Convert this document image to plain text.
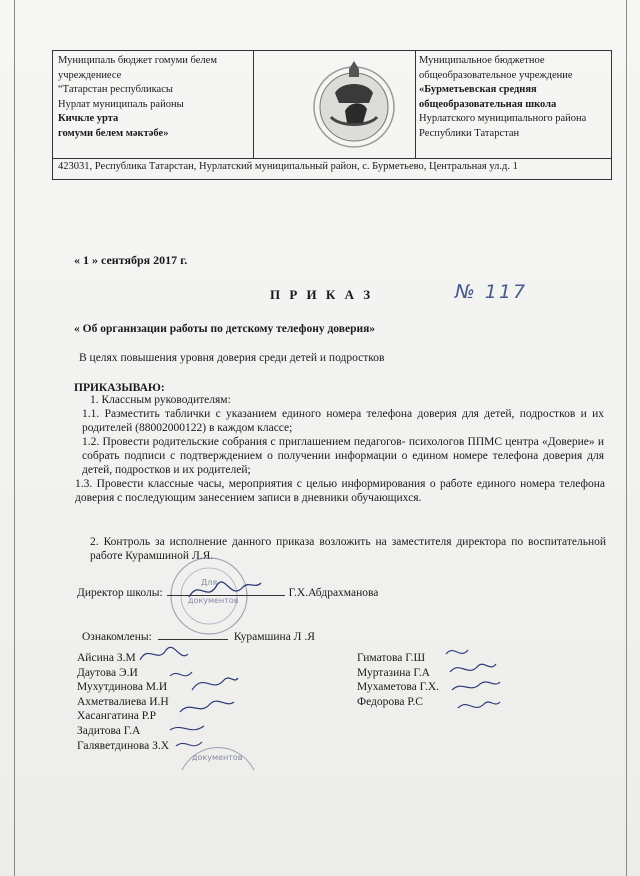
Муниципаль бюджет гомуми белем учреждениесе
“Татарстан республикасы
Нурлат муниципаль районы
Кичкле урта
гомуми белем мәктәбе»
Муниципальное бюджетное
общеобразовательное учреждение
«Бурметьевская средняя
общеобразовательная школа
Нурлатского муниципального района
Республики Татарстан
423031, Республика Татарстан, Нурлатский муниципальный район, с. Бурметьево, Центральная ул.д. 1
« 1 » сентября 2017 г.
П Р И К А З	№ 117
« Об организации работы по детскому телефону доверия»
В целях повышения уровня доверия среди детей и подростков
ПРИКАЗЫВАЮ:
1. Классным руководителям:
1.1. Разместить таблички с указанием единого номера телефона доверия для детей, подростков и их родителей (88002000122) в каждом классе;
1.2. Провести родительские собрания с приглашением педагогов- психологов ППМС центра «Доверие» и собрать подписи с подтверждением о получении информации о едином номере телефона доверия для детей, подростков и их родителей;
1.3. Провести классные часы, мероприятия с целью информирования о работе единого номера телефона доверия с последующим занесением записи в дневники обучающихся.
2. Контроль за исполнение данного приказа возложить на заместителя директора по воспитательной работе Курамшиной Л.Я.
Для
документов
Директор школы:	Г.Х.Абдрахманова
Ознакомлены:	Курамшина Л .Я
Айсина З.М
Даутова Э.И
Мухутдинова М.И
Ахметвалиева И.Н
Хасангатина Р.Р
Задитова Г.А
Галяветдинова З.Х
Гиматова Г.Ш
Муртазина Г.А
Мухаметова Г.Х.
Федорова Р.С
документов
